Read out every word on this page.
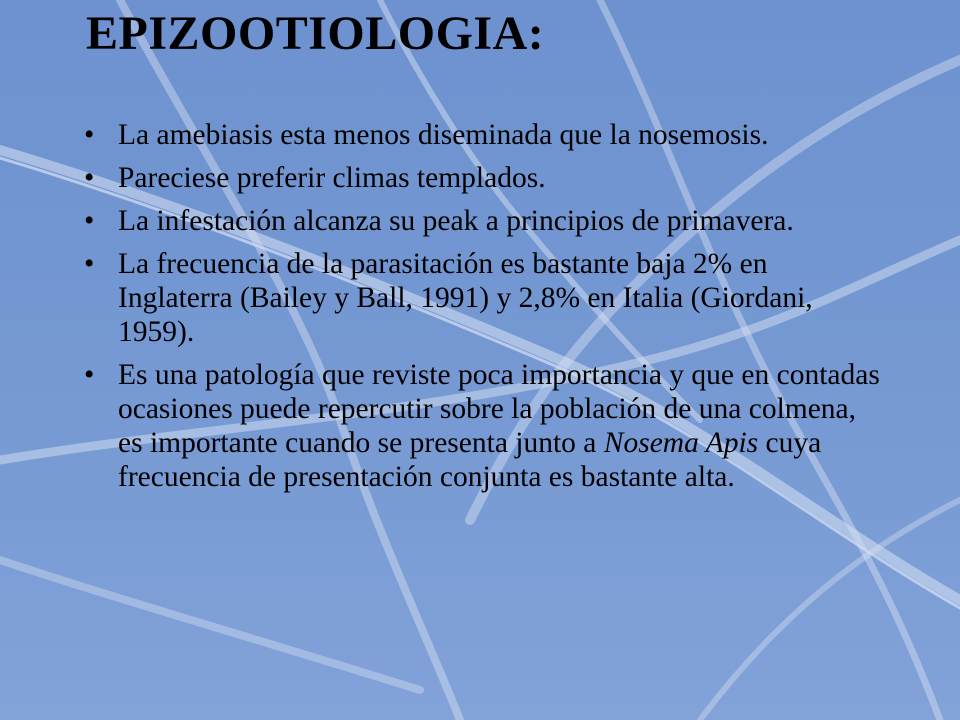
EPIZOOTIOLOGIA:
• La amebiasis esta menos diseminada que la nosemosis.
• Pareciese preferir climas templados.
• La infestación alcanza su peak a principios de primavera.
• La frecuencia de la parasitación es bastante baja 2% en Inglaterra (Bailey y Ball, 1991) y 2,8% en Italia (Giordani, 1959).
• Es una patología que reviste poca importancia y que en contadas ocasiones puede repercutir sobre la población de una colmena, es importante cuando se presenta junto a Nosema Apis cuya frecuencia de presentación conjunta es bastante alta.
